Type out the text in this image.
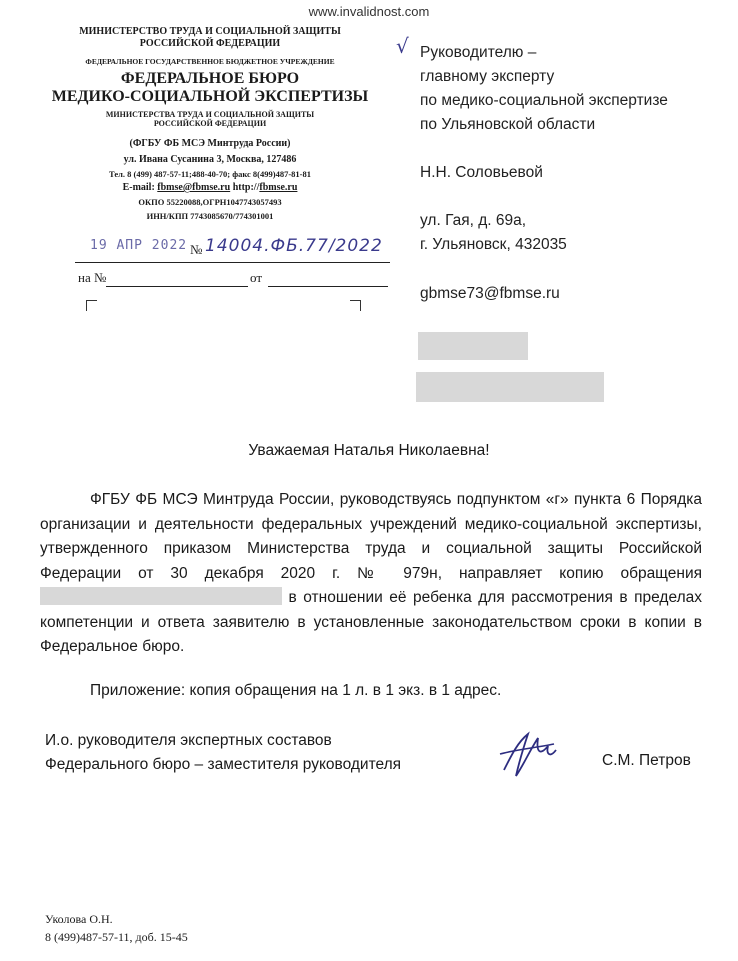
www.invalidnost.com
МИНИСТЕРСТВО ТРУДА И СОЦИАЛЬНОЙ ЗАЩИТЫ
РОССИЙСКОЙ ФЕДЕРАЦИИ
ФЕДЕРАЛЬНОЕ ГОСУДАРСТВЕННОЕ БЮДЖЕТНОЕ УЧРЕЖДЕНИЕ
ФЕДЕРАЛЬНОЕ БЮРО
МЕДИКО-СОЦИАЛЬНОЙ ЭКСПЕРТИЗЫ
МИНИСТЕРСТВА ТРУДА И СОЦИАЛЬНОЙ ЗАЩИТЫ
РОССИЙСКОЙ ФЕДЕРАЦИИ
(ФГБУ ФБ МСЭ Минтруда России)
ул. Ивана Сусанина 3, Москва, 127486
Тел. 8 (499) 487-57-11;488-40-70; факс 8(499)487-81-81
E-mail: fbmse@fbmse.ru http://fbmse.ru
ОКПО 55220088,ОГРН1047743057493
ИНН/КПП 7743085670/774301001
19 АПР 2022 № 14004.ФБ.77/2022
на №	от
√ Руководителю –
главному эксперту
по медико-социальной экспертизе
по Ульяновской области
Н.Н. Соловьевой
ул. Гая, д. 69а,
г. Ульяновск, 432035
gbmse73@fbmse.ru
Уважаемая Наталья Николаевна!

ФГБУ ФБ МСЭ Минтруда России, руководствуясь подпунктом «г» пункта 6 Порядка организации и деятельности федеральных учреждений медико-социальной экспертизы, утвержденного приказом Министерства труда и социальной защиты Российской Федерации от 30 декабря 2020 г. № 979н, направляет копию обращения  в отношении её ребенка для рассмотрения в пределах компетенции и ответа заявителю в установленные законодательством сроки в копии в Федеральное бюро.

Приложение: копия обращения на 1 л. в 1 экз. в 1 адрес.
И.о. руководителя экспертных составов
Федерального бюро – заместителя руководителя	С.М. Петров
Уколова О.Н.
8 (499)487-57-11, доб. 15-45
